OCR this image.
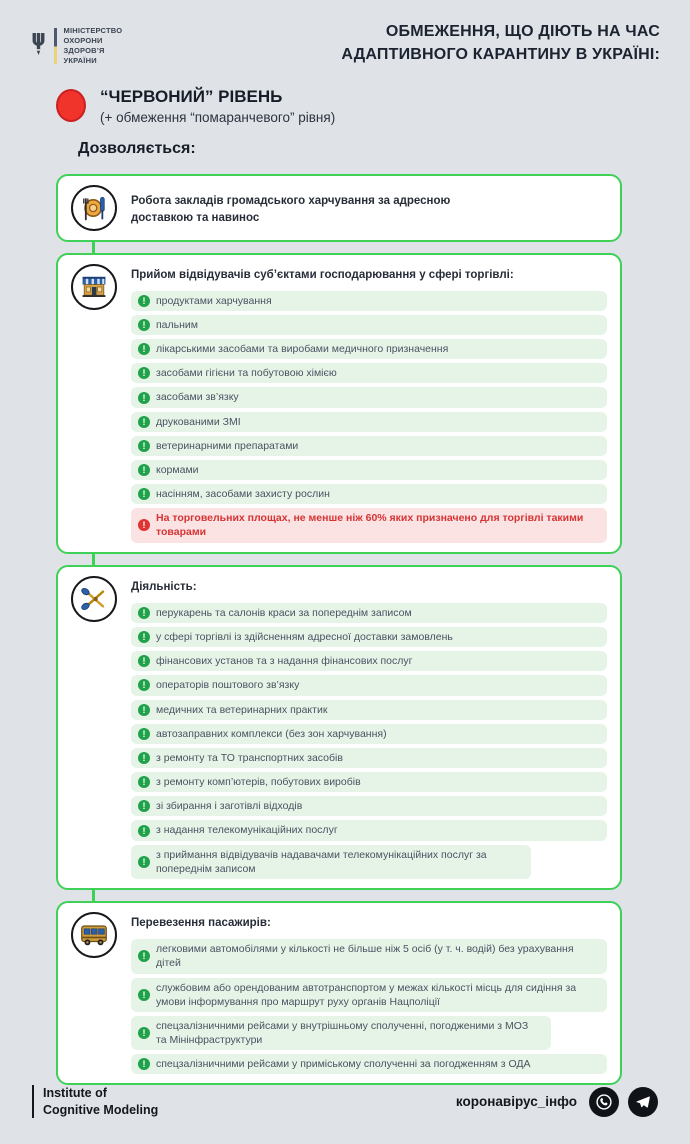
МІНІСТЕРСТВО
ОХОРОНИ
ЗДОРОВ’Я
УКРАЇНИ
ОБМЕЖЕННЯ, ЩО ДІЮТЬ НА ЧАС
АДАПТИВНОГО КАРАНТИНУ В УКРАЇНІ:
“ЧЕРВОНИЙ” РІВЕНЬ
(+ обмеження “помаранчевого” рівня)
Дозволяється:
Робота закладів громадського харчування за адресною доставкою та навинос
Прийом відвідувачів суб’єктами господарювання у сфері торгівлі:
!
продуктами харчування
!
пальним
!
лікарськими засобами та виробами медичного призначення
!
засобами гігієни та побутовою хімією
!
засобами зв’язку
!
друкованими ЗМІ
!
ветеринарними препаратами
!
кормами
!
насінням, засобами захисту рослин
!
На торговельних площах, не менше ніж 60% яких призначено для торгівлі такими товарами
Діяльність:
!
перукарень та салонів краси за попереднім записом
!
у сфері торгівлі із здійсненням адресної доставки замовлень
!
фінансових установ та з надання фінансових послуг
!
операторів поштового зв’язку
!
медичних та ветеринарних практик
!
автозаправних комплекси (без зон харчування)
!
з ремонту та ТО транспортних засобів
!
з ремонту комп’ютерів, побутових виробів
!
зі збирання і заготівлі відходів
!
з надання телекомунікаційних послуг
!
з приймання відвідувачів надавачами телекомунікаційних послуг за попереднім записом
Перевезення пасажирів:
!
легковими автомобілями у кількості не більше ніж 5 осіб (у т. ч. водій) без урахування дітей
!
службовим або орендованим автотранспортом у межах кількості місць для сидіння за умови інформування про маршрут руху органів Нацполіції
!
спецзалізничними рейсами у внутрішньому сполученні, погодженими з МОЗ та Мінінфраструктури
!
спецзалізничними рейсами у приміському сполученні за погодженням з ОДА
Institute of
Cognitive Modeling
коронавірус_інфо
